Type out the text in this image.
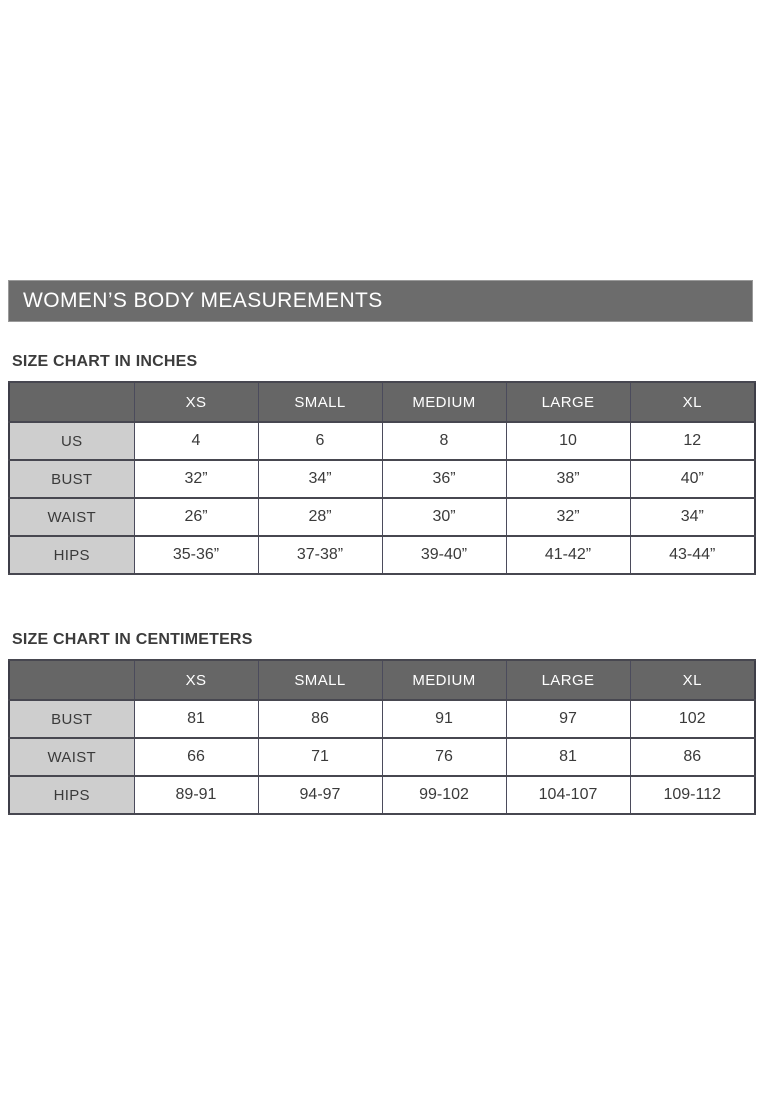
WOMEN’S BODY MEASUREMENTS
SIZE CHART IN INCHES
	XS	SMALL	MEDIUM	LARGE	XL
US	4	6	8	10	12
BUST	32”	34”	36”	38”	40”
WAIST	26”	28”	30”	32”	34”
HIPS	35-36”	37-38”	39-40”	41-42”	43-44”
SIZE CHART IN CENTIMETERS
	XS	SMALL	MEDIUM	LARGE	XL
BUST	81	86	91	97	102
WAIST	66	71	76	81	86
HIPS	89-91	94-97	99-102	104-107	109-112
